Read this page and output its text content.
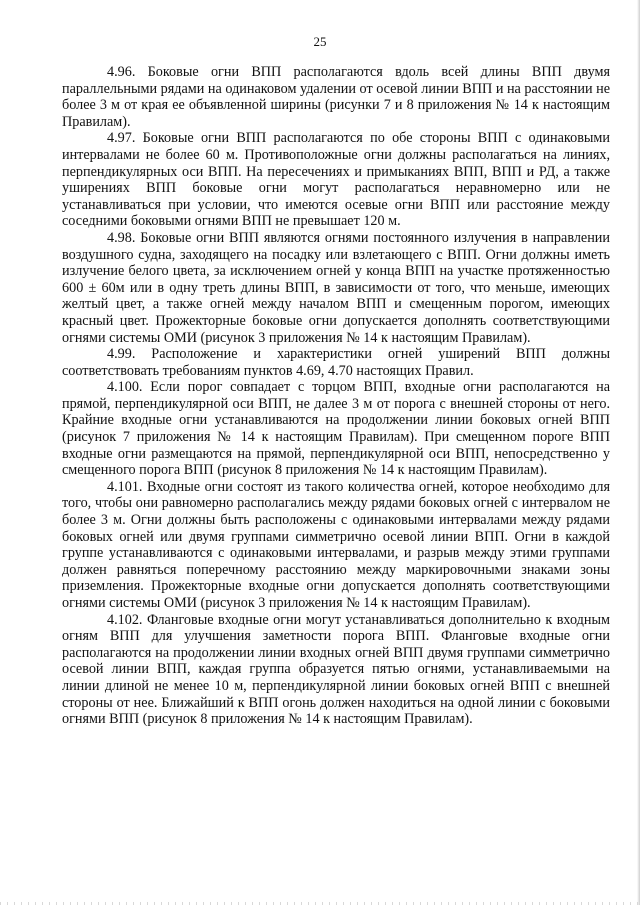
25

4.96. Боковые огни ВПП располагаются вдоль всей длины ВПП двумя параллельными рядами на одинаковом удалении от осевой линии ВПП и на расстоянии не более 3 м от края ее объявленной ширины (рисунки 7 и 8 приложения № 14 к настоящим Правилам).

4.97. Боковые огни ВПП располагаются по обе стороны ВПП с одинаковыми интервалами не более 60 м. Противоположные огни должны располагаться на линиях, перпендикулярных оси ВПП. На пересечениях и примыканиях ВПП, ВПП и РД, а также уширениях ВПП боковые огни могут располагаться неравномерно или не устанавливаться при условии, что имеются осевые огни ВПП или расстояние между соседними боковыми огнями ВПП не превышает 120 м.

4.98. Боковые огни ВПП являются огнями постоянного излучения в направлении воздушного судна, заходящего на посадку или взлетающего с ВПП. Огни должны иметь излучение белого цвета, за исключением огней у конца ВПП на участке протяженностью 600 ± 60м или в одну треть длины ВПП, в зависимости от того, что меньше, имеющих желтый цвет, а также огней между началом ВПП и смещенным порогом, имеющих красный цвет. Прожекторные боковые огни допускается дополнять соответствующими огнями системы ОМИ (рисунок 3 приложения № 14 к настоящим Правилам).

4.99. Расположение и характеристики огней уширений ВПП должны соответствовать требованиям пунктов 4.69, 4.70 настоящих Правил.

4.100. Если порог совпадает с торцом ВПП, входные огни располагаются на прямой, перпендикулярной оси ВПП, не далее 3 м от порога с внешней стороны от него. Крайние входные огни устанавливаются на продолжении линии боковых огней ВПП (рисунок 7 приложения № 14 к настоящим Правилам). При смещенном пороге ВПП входные огни размещаются на прямой, перпендикулярной оси ВПП, непосредственно у смещенного порога ВПП (рисунок 8 приложения № 14 к настоящим Правилам).

4.101. Входные огни состоят из такого количества огней, которое необходимо для того, чтобы они равномерно располагались между рядами боковых огней с интервалом не более 3 м. Огни должны быть расположены с одинаковыми интервалами между рядами боковых огней или двумя группами симметрично осевой линии ВПП. Огни в каждой группе устанавливаются с одинаковыми интервалами, и разрыв между этими группами должен равняться поперечному расстоянию между маркировочными знаками зоны приземления. Прожекторные входные огни допускается дополнять соответствующими огнями системы ОМИ (рисунок 3 приложения № 14 к настоящим Правилам).

4.102. Фланговые входные огни могут устанавливаться дополнительно к входным огням ВПП для улучшения заметности порога ВПП. Фланговые входные огни располагаются на продолжении линии входных огней ВПП двумя группами симметрично осевой линии ВПП, каждая группа образуется пятью огнями, устанавливаемыми на линии длиной не менее 10 м, перпендикулярной линии боковых огней ВПП с внешней стороны от нее. Ближайший к ВПП огонь должен находиться на одной линии с боковыми огнями ВПП (рисунок 8 приложения № 14 к настоящим Правилам).
